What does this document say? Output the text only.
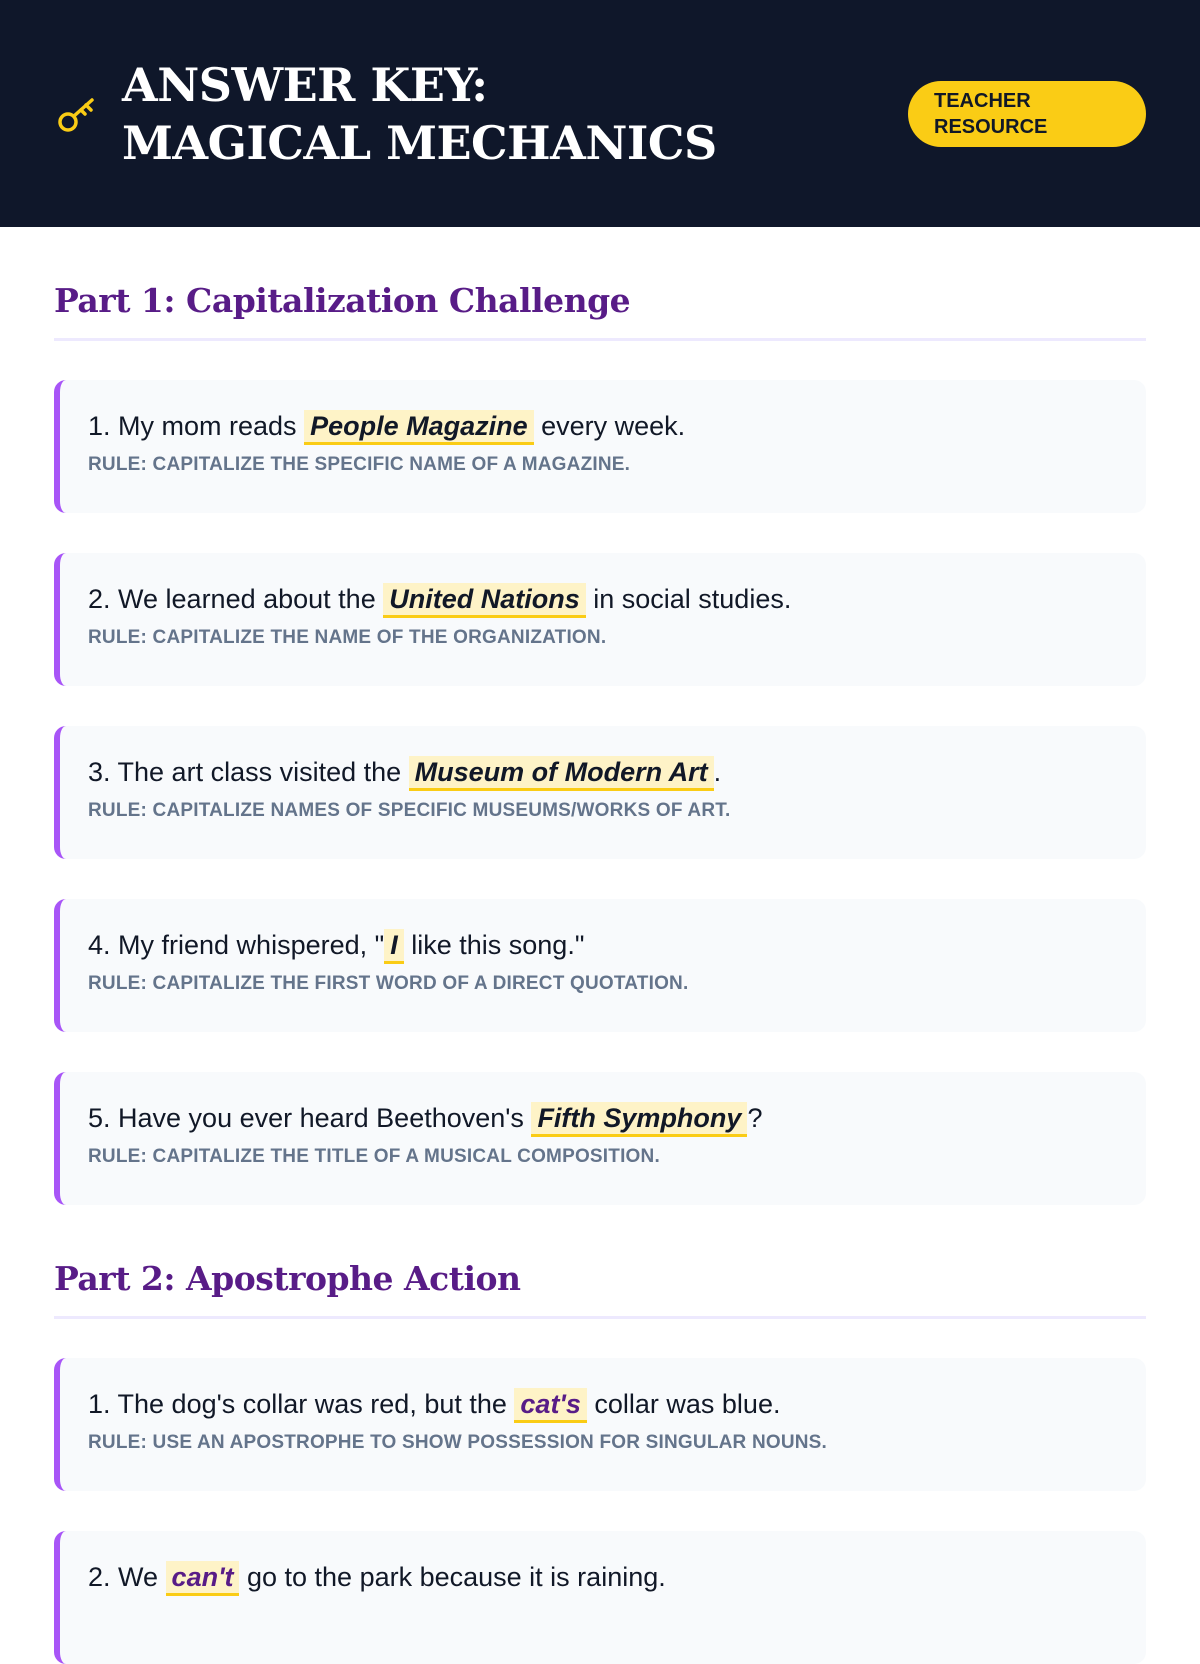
ANSWER KEY: MAGICAL MECHANICS
TEACHER RESOURCE
Part 1: Capitalization Challenge
1. My mom reads People Magazine every week.
RULE: CAPITALIZE THE SPECIFIC NAME OF A MAGAZINE.
2. We learned about the United Nations in social studies.
RULE: CAPITALIZE THE NAME OF THE ORGANIZATION.
3. The art class visited the Museum of Modern Art .
RULE: CAPITALIZE NAMES OF SPECIFIC MUSEUMS/WORKS OF ART.
4. My friend whispered, " I like this song."
RULE: CAPITALIZE THE FIRST WORD OF A DIRECT QUOTATION.
5. Have you ever heard Beethoven's Fifth Symphony ?
RULE: CAPITALIZE THE TITLE OF A MUSICAL COMPOSITION.
Part 2: Apostrophe Action
1. The dog's collar was red, but the cat's collar was blue.
RULE: USE AN APOSTROPHE TO SHOW POSSESSION FOR SINGULAR NOUNS.
2. We can't go to the park because it is raining.
